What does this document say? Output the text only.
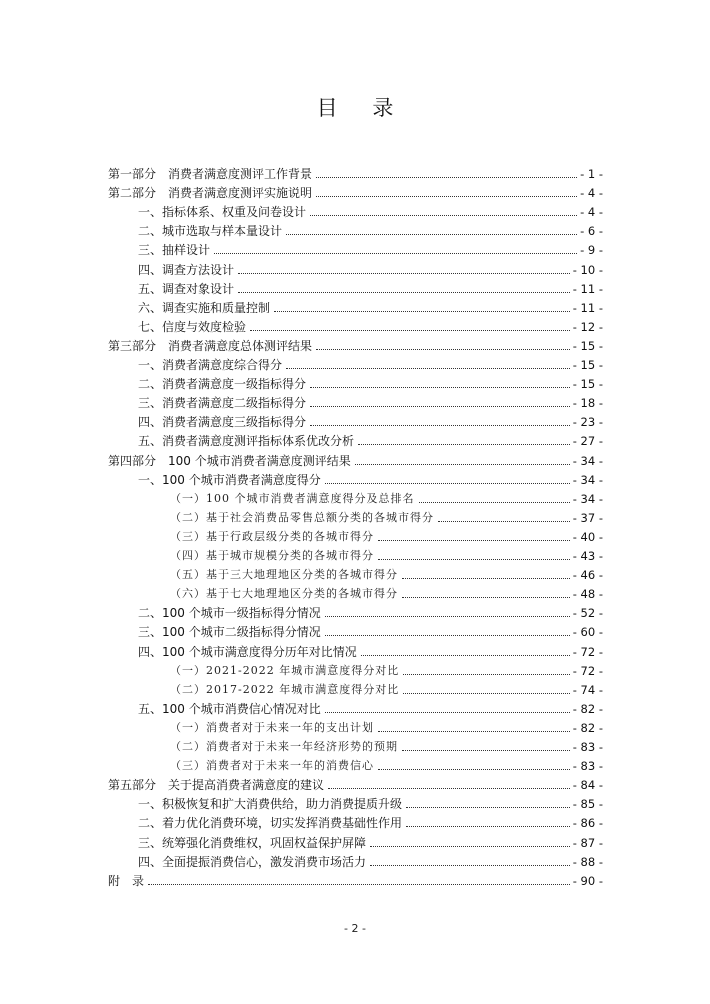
目 录
第一部分　消费者满意度测评工作背景	- 1 -
第二部分　消费者满意度测评实施说明	- 4 -
一、指标体系、权重及问卷设计	- 4 -
二、城市选取与样本量设计	- 6 -
三、抽样设计	- 9 -
四、调查方法设计	- 10 -
五、调查对象设计	- 11 -
六、调查实施和质量控制	- 11 -
七、信度与效度检验	- 12 -
第三部分　消费者满意度总体测评结果	- 15 -
一、消费者满意度综合得分	- 15 -
二、消费者满意度一级指标得分	- 15 -
三、消费者满意度二级指标得分	- 18 -
四、消费者满意度三级指标得分	- 23 -
五、消费者满意度测评指标体系优改分析	- 27 -
第四部分　100 个城市消费者满意度测评结果	- 34 -
一、100 个城市消费者满意度得分	- 34 -
（一）100 个城市消费者满意度得分及总排名	- 34 -
（二）基于社会消费品零售总额分类的各城市得分	- 37 -
（三）基于行政层级分类的各城市得分	- 40 -
（四）基于城市规模分类的各城市得分	- 43 -
（五）基于三大地理地区分类的各城市得分	- 46 -
（六）基于七大地理地区分类的各城市得分	- 48 -
二、100 个城市一级指标得分情况	- 52 -
三、100 个城市二级指标得分情况	- 60 -
四、100 个城市满意度得分历年对比情况	- 72 -
（一）2021-2022 年城市满意度得分对比	- 72 -
（二）2017-2022 年城市满意度得分对比	- 74 -
五、100 个城市消费信心情况对比	- 82 -
（一）消费者对于未来一年的支出计划	- 82 -
（二）消费者对于未来一年经济形势的预期	- 83 -
（三）消费者对于未来一年的消费信心	- 83 -
第五部分　关于提高消费者满意度的建议	- 84 -
一、积极恢复和扩大消费供给，助力消费提质升级	- 85 -
二、着力优化消费环境，切实发挥消费基础性作用	- 86 -
三、统筹强化消费维权，巩固权益保护屏障	- 87 -
四、全面提振消费信心，激发消费市场活力	- 88 -
附　录	- 90 -
- 2 -
